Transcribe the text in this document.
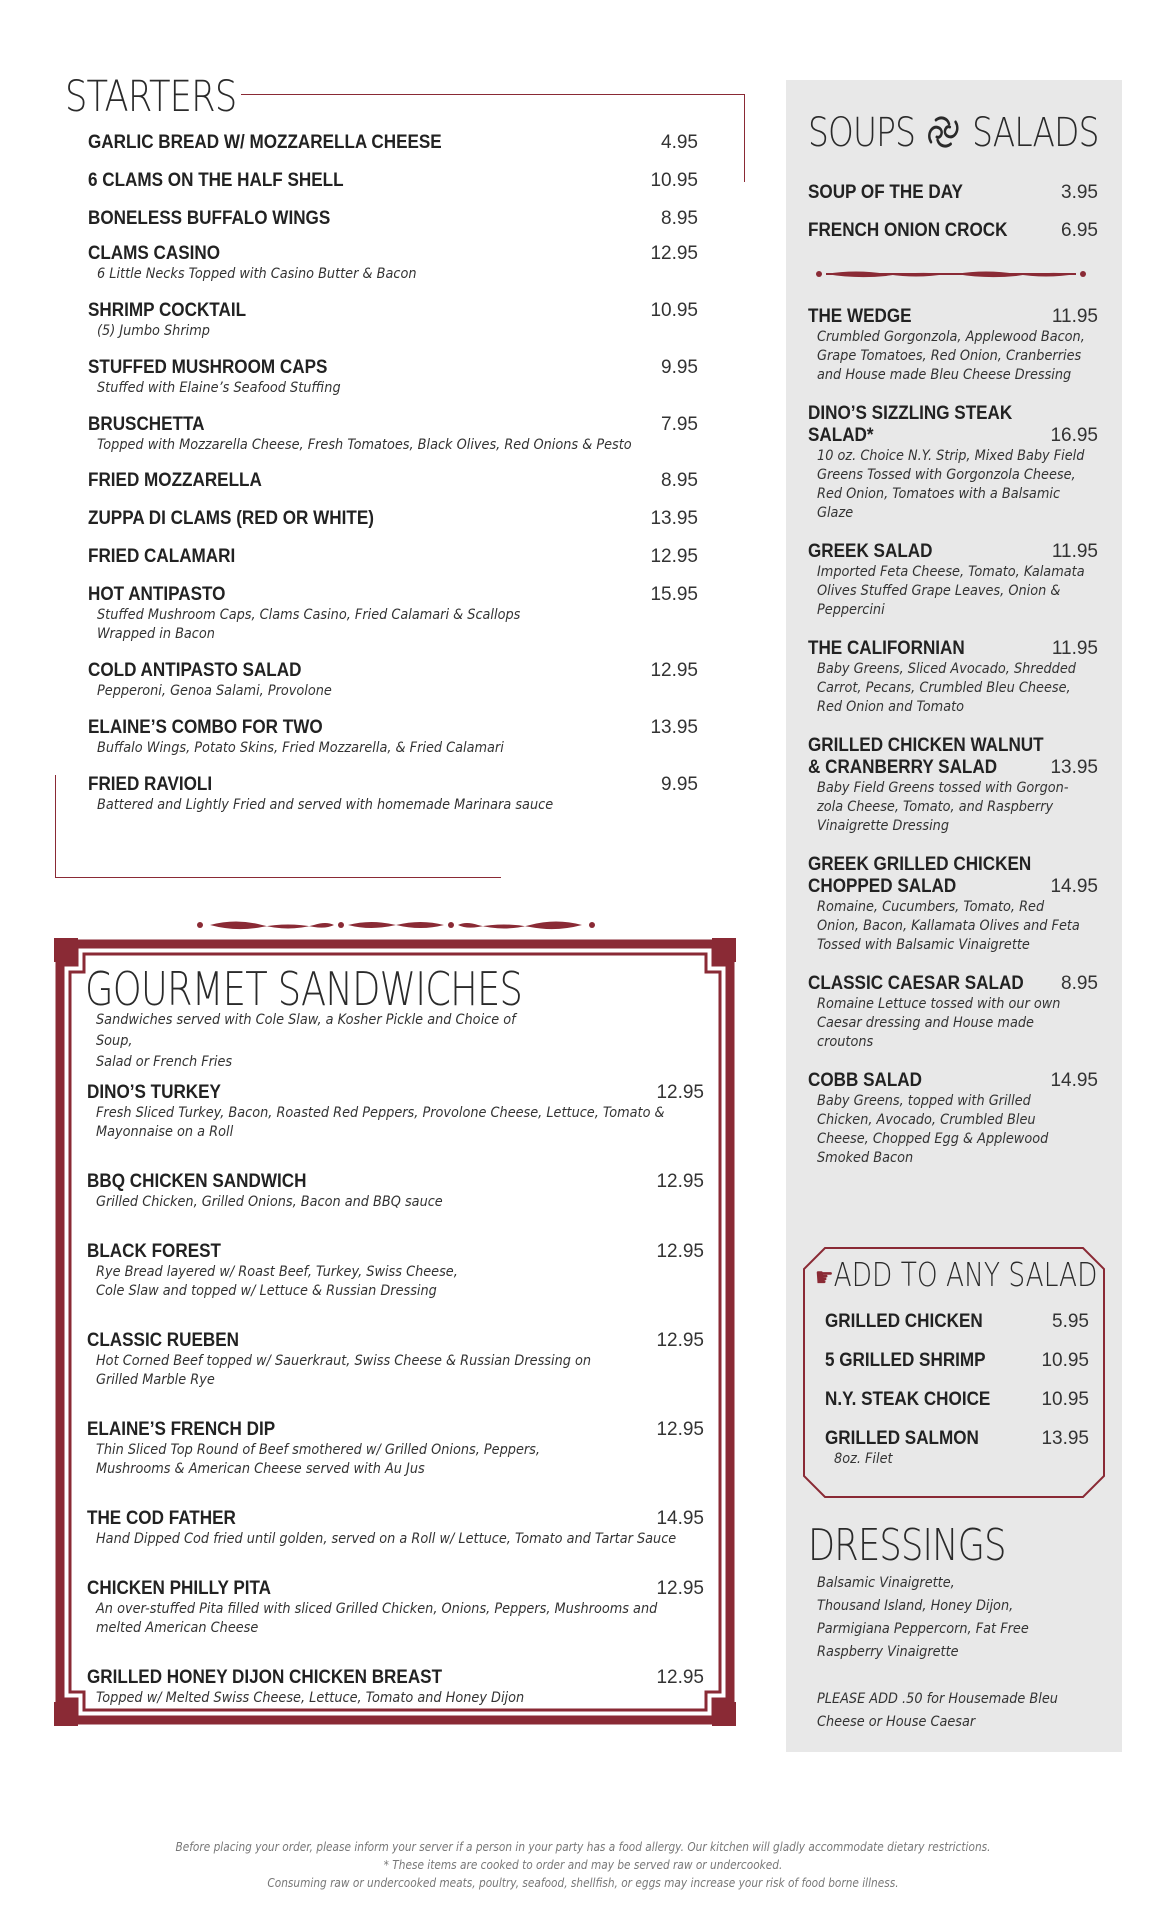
STARTERS
GARLIC BREAD W/ MOZZARELLA CHEESE	4.95
6 CLAMS ON THE HALF SHELL	10.95
BONELESS BUFFALO WINGS	8.95
CLAMS CASINO	12.95
6 Little Necks Topped with Casino Butter & Bacon
SHRIMP COCKTAIL	10.95
(5) Jumbo Shrimp
STUFFED MUSHROOM CAPS	9.95
Stuffed with Elaine’s Seafood Stuffing
BRUSCHETTA	7.95
Topped with Mozzarella Cheese, Fresh Tomatoes, Black Olives, Red Onions & Pesto
FRIED MOZZARELLA	8.95
ZUPPA DI CLAMS (RED OR WHITE)	13.95
FRIED CALAMARI	12.95
HOT ANTIPASTO	15.95
Stuffed Mushroom Caps, Clams Casino, Fried Calamari & Scallops
Wrapped in Bacon
COLD ANTIPASTO SALAD	12.95
Pepperoni, Genoa Salami, Provolone
ELAINE’S COMBO FOR TWO	13.95
Buffalo Wings, Potato Skins, Fried Mozzarella, & Fried Calamari
FRIED RAVIOLI	9.95
Battered and Lightly Fried and served with homemade Marinara sauce
GOURMET SANDWICHES
Sandwiches served with Cole Slaw, a Kosher Pickle and Choice of Soup,
Salad or French Fries
DINO’S TURKEY	12.95
Fresh Sliced Turkey, Bacon, Roasted Red Peppers, Provolone Cheese, Lettuce, Tomato &
Mayonnaise on a Roll
BBQ CHICKEN SANDWICH	12.95
Grilled Chicken, Grilled Onions, Bacon and BBQ sauce
BLACK FOREST	12.95
Rye Bread layered w/ Roast Beef, Turkey, Swiss Cheese,
Cole Slaw and topped w/ Lettuce & Russian Dressing
CLASSIC RUEBEN	12.95
Hot Corned Beef topped w/ Sauerkraut, Swiss Cheese & Russian Dressing on
Grilled Marble Rye
ELAINE’S FRENCH DIP	12.95
Thin Sliced Top Round of Beef smothered w/ Grilled Onions, Peppers,
Mushrooms & American Cheese served with Au Jus
THE COD FATHER	14.95
Hand Dipped Cod fried until golden, served on a Roll w/ Lettuce, Tomato and Tartar Sauce
CHICKEN PHILLY PITA	12.95
An over-stuffed Pita filled with sliced Grilled Chicken, Onions, Peppers, Mushrooms and
melted American Cheese
GRILLED HONEY DIJON CHICKEN BREAST	12.95
Topped w/ Melted Swiss Cheese, Lettuce, Tomato and Honey Dijon
SOUPS SALADS
SOUP OF THE DAY	3.95
FRENCH ONION CROCK	6.95
THE WEDGE	11.95
Crumbled Gorgonzola, Applewood Bacon, Grape Tomatoes, Red Onion, Cranberries and House made Bleu Cheese Dressing
DINO’S SIZZLING STEAK
SALAD*	16.95
10 oz. Choice N.Y. Strip, Mixed Baby Field Greens Tossed with Gorgonzola Cheese, Red Onion, Tomatoes with a Balsamic Glaze
GREEK SALAD	11.95
Imported Feta Cheese, Tomato, Kalamata Olives Stuffed Grape Leaves, Onion & Peppercini
THE CALIFORNIAN	11.95
Baby Greens, Sliced Avocado, Shredded Carrot, Pecans, Crumbled Bleu Cheese, Red Onion and Tomato
GRILLED CHICKEN WALNUT
& CRANBERRY SALAD	13.95
Baby Field Greens tossed with Gorgon-zola Cheese, Tomato, and Raspberry Vinaigrette Dressing
GREEK GRILLED CHICKEN
CHOPPED SALAD	14.95
Romaine, Cucumbers, Tomato, Red Onion, Bacon, Kallamata Olives and Feta Tossed with Balsamic Vinaigrette
CLASSIC CAESAR SALAD	8.95
Romaine Lettuce tossed with our own Caesar dressing and House made croutons
COBB SALAD	14.95
Baby Greens, topped with Grilled Chicken, Avocado, Crumbled Bleu Cheese, Chopped Egg & Applewood Smoked Bacon
☛ADD TO ANY SALAD
GRILLED CHICKEN	5.95
5 GRILLED SHRIMP	10.95
N.Y. STEAK CHOICE	10.95
GRILLED SALMON	13.95
8oz. Filet
DRESSINGS
Balsamic Vinaigrette,
Thousand Island, Honey Dijon,
Parmigiana Peppercorn, Fat Free
Raspberry Vinaigrette
PLEASE ADD .50 for Housemade Bleu
Cheese or House Caesar
Before placing your order, please inform your server if a person in your party has a food allergy. Our kitchen will gladly accommodate dietary restrictions.
* These items are cooked to order and may be served raw or undercooked.
Consuming raw or undercooked meats, poultry, seafood, shellfish, or eggs may increase your risk of food borne illness.
